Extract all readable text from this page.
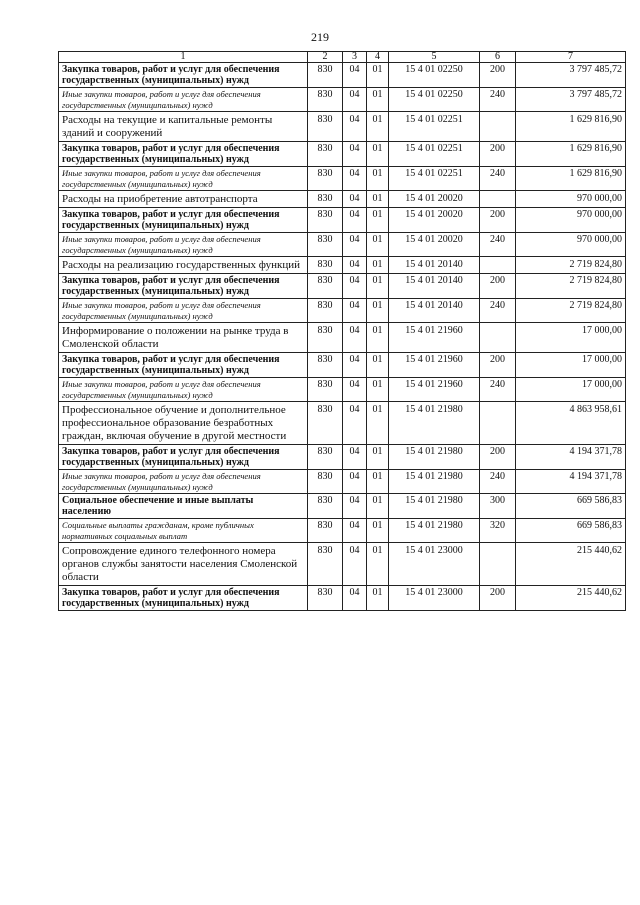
219
1	2	3	4	5	6	7
Закупка товаров, работ и услуг для обеспечения государственных (муниципальных) нужд	830	04	01	15 4 01 02250	200	3 797 485,72
Иные закупки товаров, работ и услуг для обеспечения государственных (муниципальных) нужд	830	04	01	15 4 01 02250	240	3 797 485,72
Расходы на текущие и капитальные ремонты зданий и сооружений	830	04	01	15 4 01 02251		1 629 816,90
Закупка товаров, работ и услуг для обеспечения государственных (муниципальных) нужд	830	04	01	15 4 01 02251	200	1 629 816,90
Иные закупки товаров, работ и услуг для обеспечения государственных (муниципальных) нужд	830	04	01	15 4 01 02251	240	1 629 816,90
Расходы на приобретение автотранспорта	830	04	01	15 4 01 20020		970 000,00
Закупка товаров, работ и услуг для обеспечения государственных (муниципальных) нужд	830	04	01	15 4 01 20020	200	970 000,00
Иные закупки товаров, работ и услуг для обеспечения государственных (муниципальных) нужд	830	04	01	15 4 01 20020	240	970 000,00
Расходы на реализацию государственных функций	830	04	01	15 4 01 20140		2 719 824,80
Закупка товаров, работ и услуг для обеспечения государственных (муниципальных) нужд	830	04	01	15 4 01 20140	200	2 719 824,80
Иные закупки товаров, работ и услуг для обеспечения государственных (муниципальных) нужд	830	04	01	15 4 01 20140	240	2 719 824,80
Информирование о положении на рынке труда в Смоленской области	830	04	01	15 4 01 21960		17 000,00
Закупка товаров, работ и услуг для обеспечения государственных (муниципальных) нужд	830	04	01	15 4 01 21960	200	17 000,00
Иные закупки товаров, работ и услуг для обеспечения государственных (муниципальных) нужд	830	04	01	15 4 01 21960	240	17 000,00
Профессиональное обучение и дополнительное профессиональное образование безработных граждан, включая обучение в другой местности	830	04	01	15 4 01 21980		4 863 958,61
Закупка товаров, работ и услуг для обеспечения государственных (муниципальных) нужд	830	04	01	15 4 01 21980	200	4 194 371,78
Иные закупки товаров, работ и услуг для обеспечения государственных (муниципальных) нужд	830	04	01	15 4 01 21980	240	4 194 371,78
Социальное обеспечение и иные выплаты населению	830	04	01	15 4 01 21980	300	669 586,83
Социальные выплаты гражданам, кроме публичных нормативных социальных выплат	830	04	01	15 4 01 21980	320	669 586,83
Сопровождение единого телефонного номера органов службы занятости населения Смоленской области	830	04	01	15 4 01 23000		215 440,62
Закупка товаров, работ и услуг для обеспечения государственных (муниципальных) нужд	830	04	01	15 4 01 23000	200	215 440,62
